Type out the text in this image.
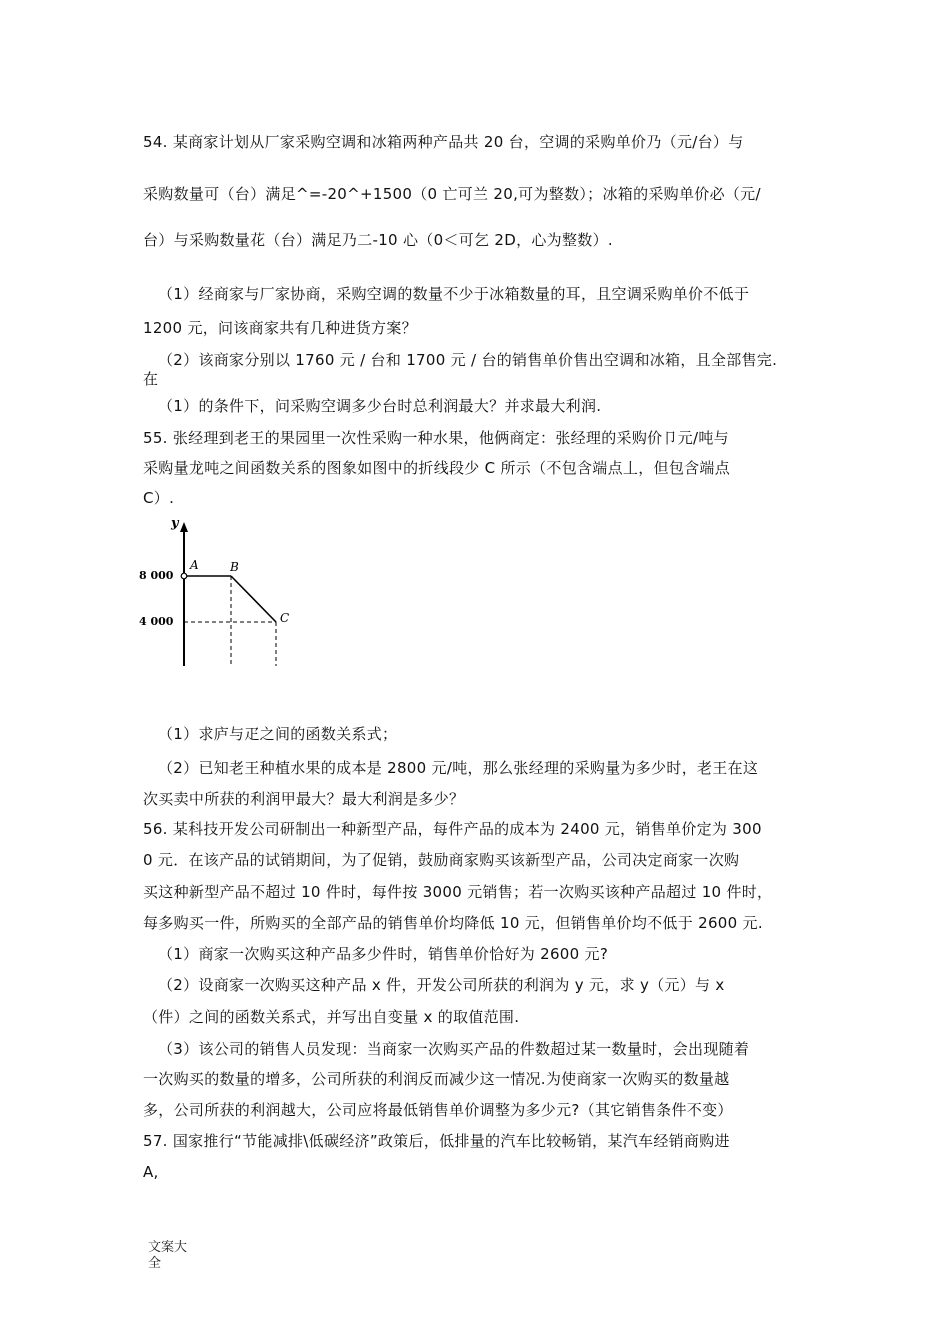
54. 某商家计划从厂家采购空调和冰箱两种产品共 20 台，空调的采购单价乃（元/台）与
采购数量可（台）满足^=-20^+1500（0 亡可兰 20,可为整数）；冰箱的采购单价必（元/
台）与采购数量花（台）满足乃二-10 心（0＜可乞 2D，心为整数）.
（1）经商家与厂家协商，采购空调的数量不少于冰箱数量的耳，且空调采购单价不低于
1200 元，问该商家共有几种进货方案？
（2）该商家分别以 1760 元 / 台和 1700 元 / 台的销售单价售出空调和冰箱，且全部售完.
在
（1）的条件下，问采购空调多少台时总利润最大？并求最大利润.
55. 张经理到老王的果园里一次性采购一种水果，他俩商定：张经理的采购价卩元/吨与
采购量龙吨之间函数关系的图象如图中的折线段少 C 所示（不包含端点丄，但包含端点
C）.
y
8 000
4 000
A	B
C
（1）求庐与疋之间的函数关系式；
（2）已知老王种植水果的成本是 2800 元/吨，那么张经理的采购量为多少时，老王在这
次买卖中所获的利润甲最大？最大利润是多少？
56. 某科技开发公司研制出一种新型产品，每件产品的成本为 2400 元，销售单价定为 300
0 元．在该产品的试销期间，为了促销，鼓励商家购买该新型产品，公司决定商家一次购
买这种新型产品不超过 10 件时，每件按 3000 元销售；若一次购买该种产品超过 10 件时，
每多购买一件，所购买的全部产品的销售单价均降低 10 元，但销售单价均不低于 2600 元.
（1）商家一次购买这种产品多少件时，销售单价恰好为 2600 元?
（2）设商家一次购买这种产品 x 件，开发公司所获的利润为 y 元，求 y（元）与 x
（件）之间的函数关系式，并写出自变量 x 的取值范围.
（3）该公司的销售人员发现：当商家一次购买产品的件数超过某一数量时，会出现随着
一次购买的数量的增多，公司所获的利润反而减少这一情况.为使商家一次购买的数量越
多，公司所获的利润越大，公司应将最低销售单价调整为多少元?（其它销售条件不变）
57. 国家推行“节能减排\低碳经济”政策后，低排量的汽车比较畅销，某汽车经销商购进
A,
文案大
全
